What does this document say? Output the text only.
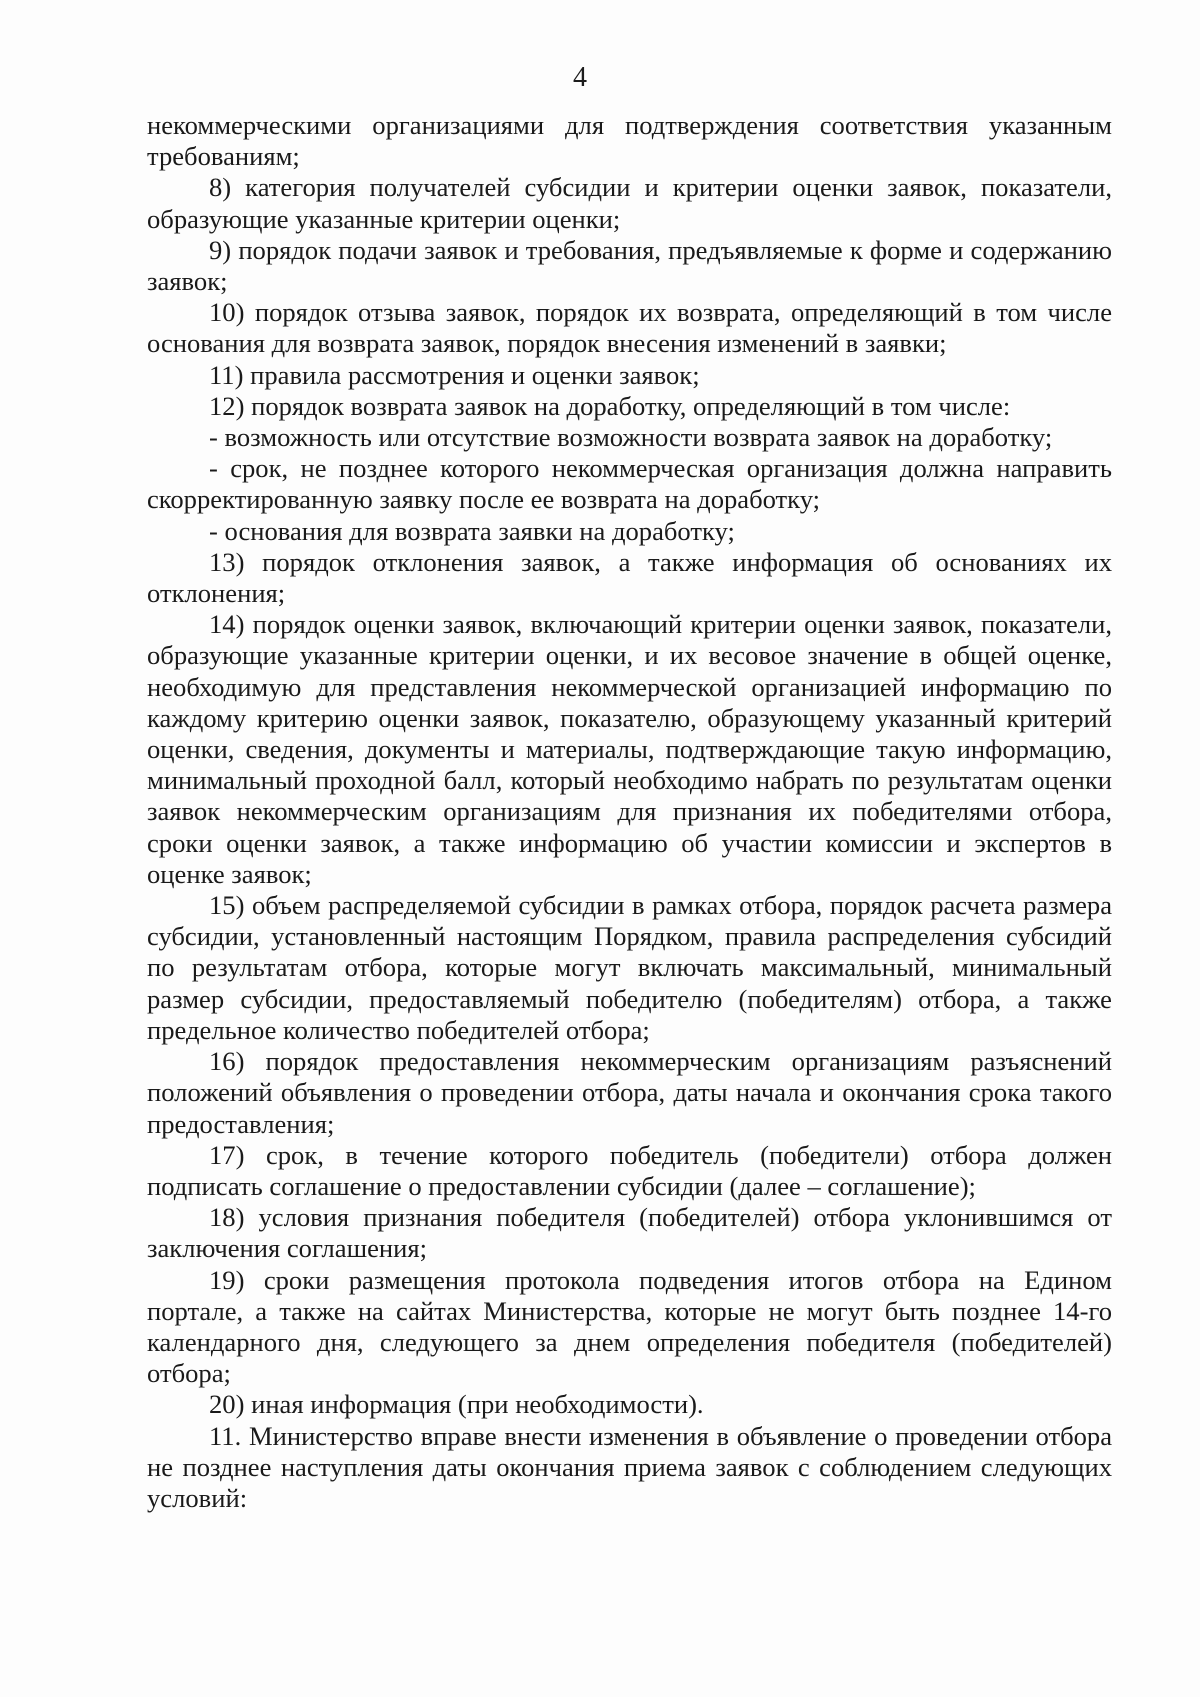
4

некоммерческими организациями для подтверждения соответствия указанным требованиям;

8) категория получателей субсидии и критерии оценки заявок, показатели, образующие указанные критерии оценки;

9) порядок подачи заявок и требования, предъявляемые к форме и содержанию заявок;

10) порядок отзыва заявок, порядок их возврата, определяющий в том числе основания для возврата заявок, порядок внесения изменений в заявки;

11) правила рассмотрения и оценки заявок;

12) порядок возврата заявок на доработку, определяющий в том числе:

- возможность или отсутствие возможности возврата заявок на доработку;

- срок, не позднее которого некоммерческая организация должна направить скорректированную заявку после ее возврата на доработку;

- основания для возврата заявки на доработку;

13) порядок отклонения заявок, а также информация об основаниях их отклонения;

14) порядок оценки заявок, включающий критерии оценки заявок, показатели, образующие указанные критерии оценки, и их весовое значение в общей оценке, необходимую для представления некоммерческой организацией информацию по каждому критерию оценки заявок, показателю, образующему указанный критерий оценки, сведения, документы и материалы, подтверждающие такую информацию, минимальный проходной балл, который необходимо набрать по результатам оценки заявок некоммерческим организациям для признания их победителями отбора, сроки оценки заявок, а также информацию об участии комиссии и экспертов в оценке заявок;

15) объем распределяемой субсидии в рамках отбора, порядок расчета размера субсидии, установленный настоящим Порядком, правила распределения субсидий по результатам отбора, которые могут включать максимальный, минимальный размер субсидии, предоставляемый победителю (победителям) отбора, а также предельное количество победителей отбора;

16) порядок предоставления некоммерческим организациям разъяснений положений объявления о проведении отбора, даты начала и окончания срока такого предоставления;

17) срок, в течение которого победитель (победители) отбора должен подписать соглашение о предоставлении субсидии (далее – соглашение);

18) условия признания победителя (победителей) отбора уклонившимся от заключения соглашения;

19) сроки размещения протокола подведения итогов отбора на Едином портале, а также на сайтах Министерства, которые не могут быть позднее 14-го календарного дня, следующего за днем определения победителя (победителей) отбора;

20) иная информация (при необходимости).

11. Министерство вправе внести изменения в объявление о проведении отбора не позднее наступления даты окончания приема заявок с соблюдением следующих условий:
